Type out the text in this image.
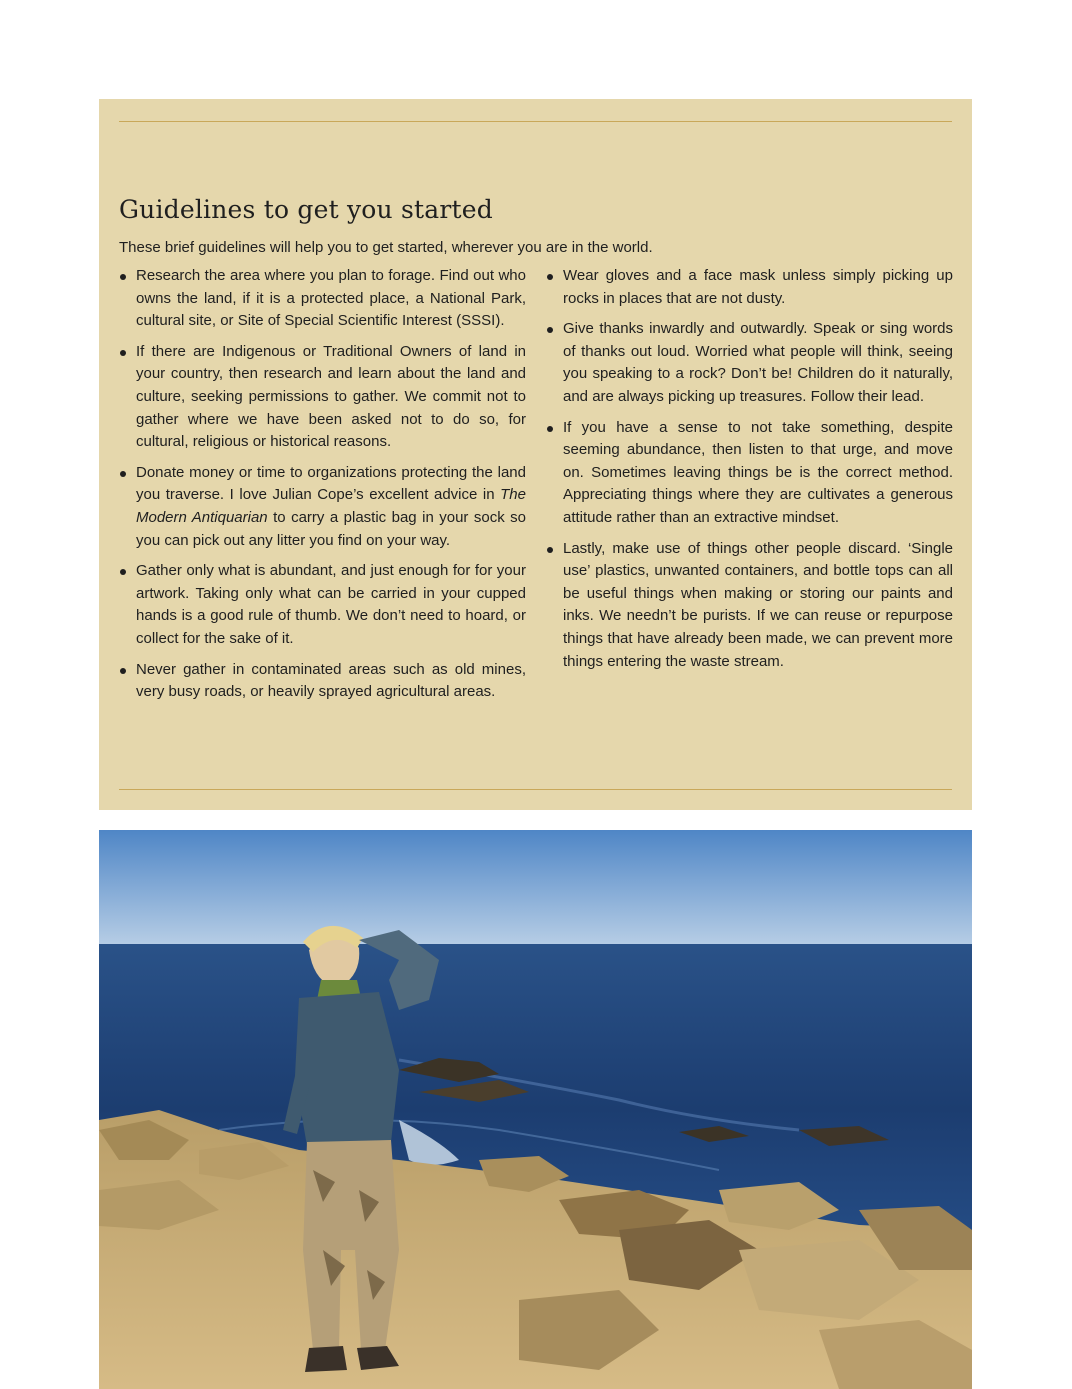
Guidelines to get you started

These brief guidelines will help you to get started, wherever you are in the world.

Research the area where you plan to forage. Find out who owns the land, if it is a protected place, a National Park, cultural site, or Site of Special Scientific Interest (SSSI).
If there are Indigenous or Traditional Owners of land in your country, then research and learn about the land and culture, seeking permissions to gather. We commit not to gather where we have been asked not to do so, for cultural, religious or historical reasons.
Donate money or time to organizations protecting the land you traverse. I love Julian Cope’s excellent advice in The Modern Antiquarian to carry a plastic bag in your sock so you can pick out any litter you find on your way.
Gather only what is abundant, and just enough for for your artwork. Taking only what can be carried in your cupped hands is a good rule of thumb. We don’t need to hoard, or collect for the sake of it.
Never gather in contaminated areas such as old mines, very busy roads, or heavily sprayed agricultural areas.
Wear gloves and a face mask unless simply picking up rocks in places that are not dusty.
Give thanks inwardly and outwardly. Speak or sing words of thanks out loud. Worried what people will think, seeing you speaking to a rock? Don’t be! Children do it naturally, and are always picking up treasures. Follow their lead.
If you have a sense to not take something, despite seeming abundance, then listen to that urge, and move on. Sometimes leaving things be is the correct method. Appreciating things where they are cultivates a generous attitude rather than an extractive mindset.
Lastly, make use of things other people discard. ‘Single use’ plastics, unwanted containers, and bottle tops can all be useful things when making or storing our paints and inks. We needn’t be purists. If we can reuse or repurpose things that have already been made, we can prevent more things entering the waste stream.
